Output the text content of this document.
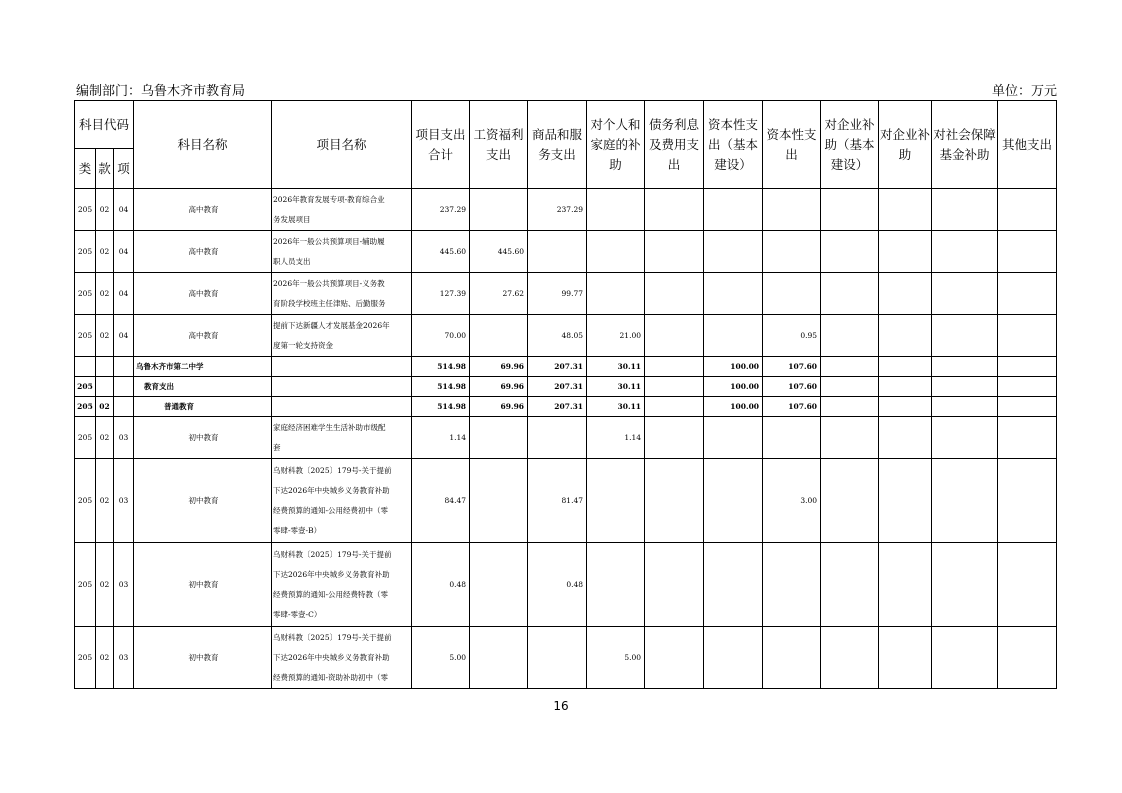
编制部门：乌鲁木齐市教育局	单位：万元
科目代码			科目名称	项目名称	项目支出合计	工资福利支出	商品和服务支出	对个人和家庭的补助	债务利息及费用支出	资本性支出（基本建设）	资本性支出	对企业补助（基本建设）	对企业补助	对社会保障基金补助	其他支出
类	款	项													
205	02	04	高中教育	2026年教育发展专项-教育综合业
务发展项目	237.29		237.29								
205	02	04	高中教育	2026年一般公共预算项目-辅助履
职人员支出	445.60	445.60									
205	02	04	高中教育	2026年一般公共预算项目-义务教
育阶段学校班主任津贴、后勤服务	127.39	27.62	99.77								
205	02	04	高中教育	提前下达新疆人才发展基金2026年
度第一轮支持资金	70.00		48.05	21.00			0.95				
			乌鲁木齐市第二中学		514.98	69.96	207.31	30.11		100.00	107.60				
205			教育支出		514.98	69.96	207.31	30.11		100.00	107.60				
205	02		普通教育		514.98	69.96	207.31	30.11		100.00	107.60				
205	02	03	初中教育	家庭经济困难学生生活补助市级配
套	1.14			1.14							
205	02	03	初中教育	乌财科教〔2025〕179号-关于提前
下达2026年中央城乡义务教育补助
经费预算的通知-公用经费初中（零
零肆-零壹-B）	84.47		81.47				3.00				
205	02	03	初中教育	乌财科教〔2025〕179号-关于提前
下达2026年中央城乡义务教育补助
经费预算的通知-公用经费特教（零
零肆-零壹-C）	0.48		0.48								
205	02	03	初中教育	乌财科教〔2025〕179号-关于提前
下达2026年中央城乡义务教育补助
经费预算的通知-资助补助初中（零	5.00			5.00							
16
